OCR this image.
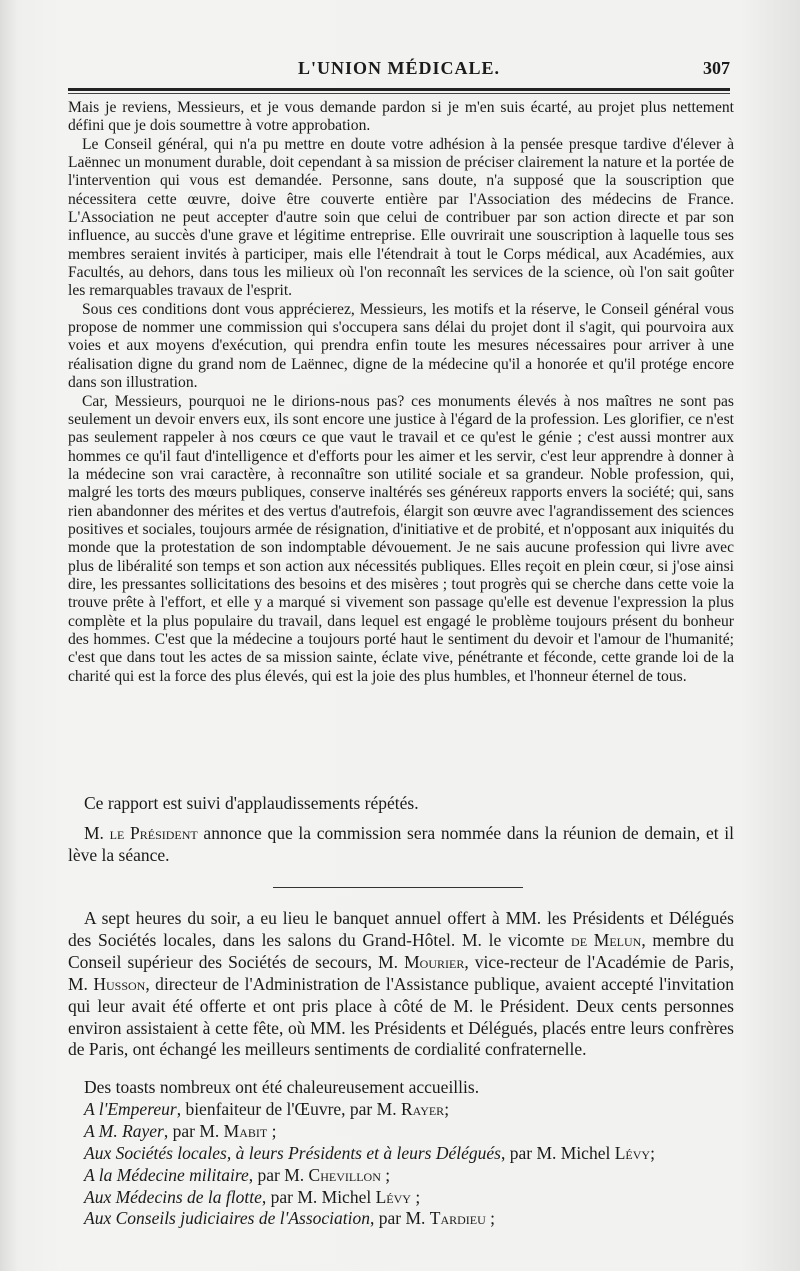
L'UNION MÉDICALE.	307

Mais je reviens, Messieurs, et je vous demande pardon si je m'en suis écarté, au projet plus nettement défini que je dois soumettre à votre approbation.

Le Conseil général, qui n'a pu mettre en doute votre adhésion à la pensée presque tardive d'élever à Laënnec un monument durable, doit cependant à sa mission de préciser clairement la nature et la portée de l'intervention qui vous est demandée. Personne, sans doute, n'a supposé que la souscription que nécessitera cette œuvre, doive être couverte entière par l'Association des médecins de France. L'Association ne peut accepter d'autre soin que celui de contribuer par son action directe et par son influence, au succès d'une grave et légitime entreprise. Elle ouvrirait une souscription à laquelle tous ses membres seraient invités à participer, mais elle l'étendrait à tout le Corps médical, aux Académies, aux Facultés, au dehors, dans tous les milieux où l'on reconnaît les services de la science, où l'on sait goûter les remarquables travaux de l'esprit.

Sous ces conditions dont vous apprécierez, Messieurs, les motifs et la réserve, le Conseil général vous propose de nommer une commission qui s'occupera sans délai du projet dont il s'agit, qui pourvoira aux voies et aux moyens d'exécution, qui prendra enfin toute les mesures nécessaires pour arriver à une réalisation digne du grand nom de Laënnec, digne de la médecine qu'il a honorée et qu'il protége encore dans son illustration.

Car, Messieurs, pourquoi ne le dirions-nous pas? ces monuments élevés à nos maîtres ne sont pas seulement un devoir envers eux, ils sont encore une justice à l'égard de la profession. Les glorifier, ce n'est pas seulement rappeler à nos cœurs ce que vaut le travail et ce qu'est le génie ; c'est aussi montrer aux hommes ce qu'il faut d'intelligence et d'efforts pour les aimer et les servir, c'est leur apprendre à donner à la médecine son vrai caractère, à reconnaître son utilité sociale et sa grandeur. Noble profession, qui, malgré les torts des mœurs publiques, conserve inaltérés ses généreux rapports envers la société; qui, sans rien abandonner des mérites et des vertus d'autrefois, élargit son œuvre avec l'agrandissement des sciences positives et sociales, toujours armée de résignation, d'initiative et de probité, et n'opposant aux iniquités du monde que la protestation de son indomptable dévouement. Je ne sais aucune profession qui livre avec plus de libéralité son temps et son action aux nécessités publiques. Elles reçoit en plein cœur, si j'ose ainsi dire, les pressantes sollicitations des besoins et des misères ; tout progrès qui se cherche dans cette voie la trouve prête à l'effort, et elle y a marqué si vivement son passage qu'elle est devenue l'expression la plus complète et la plus populaire du travail, dans lequel est engagé le problème toujours présent du bonheur des hommes. C'est que la médecine a toujours porté haut le sentiment du devoir et l'amour de l'humanité; c'est que dans tout les actes de sa mission sainte, éclate vive, pénétrante et féconde, cette grande loi de la charité qui est la force des plus élevés, qui est la joie des plus humbles, et l'honneur éternel de tous.

Ce rapport est suivi d'applaudissements répétés.
M. le Président annonce que la commission sera nommée dans la réunion de demain, et il lève la séance.
A sept heures du soir, a eu lieu le banquet annuel offert à MM. les Présidents et Délégués des Sociétés locales, dans les salons du Grand-Hôtel. M. le vicomte de Melun, membre du Conseil supérieur des Sociétés de secours, M. Mourier, vice-recteur de l'Académie de Paris, M. Husson, directeur de l'Administration de l'Assistance publique, avaient accepté l'invitation qui leur avait été offerte et ont pris place à côté de M. le Président. Deux cents personnes environ assistaient à cette fête, où MM. les Présidents et Délégués, placés entre leurs confrères de Paris, ont échangé les meilleurs sentiments de cordialité confraternelle.
Des toasts nombreux ont été chaleureusement accueillis.
A l'Empereur, bienfaiteur de l'Œuvre, par M. Rayer;
A M. Rayer, par M. Mabit ;
Aux Sociétés locales, à leurs Présidents et à leurs Délégués, par M. Michel Lévy;
A la Médecine militaire, par M. Chevillon ;
Aux Médecins de la flotte, par M. Michel Lévy ;
Aux Conseils judiciaires de l'Association, par M. Tardieu ;
